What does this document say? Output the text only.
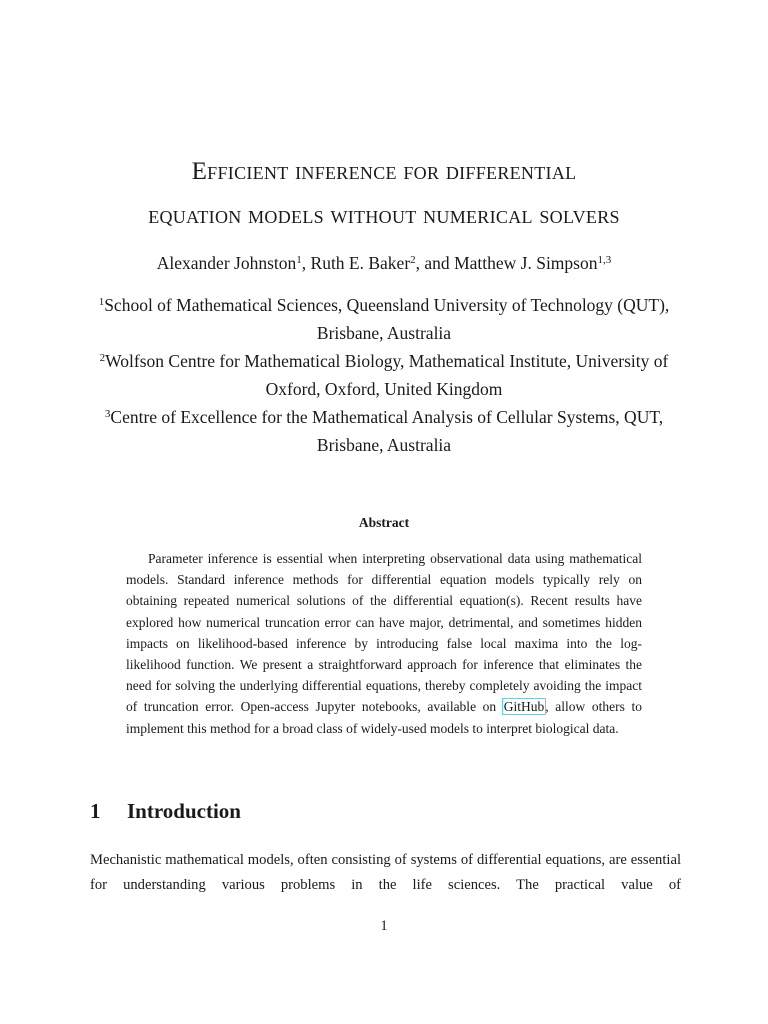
Efficient inference for differential
equation models without numerical solvers
Alexander Johnston$^1$, Ruth E. Baker$^2$, and Matthew J. Simpson$^{1,3}$
$^1$School of Mathematical Sciences, Queensland University of Technology (QUT), Brisbane, Australia
$^2$Wolfson Centre for Mathematical Biology, Mathematical Institute, University of Oxford, Oxford, United Kingdom
$^3$Centre of Excellence for the Mathematical Analysis of Cellular Systems, QUT, Brisbane, Australia
Abstract
Parameter inference is essential when interpreting observational data using mathematical models. Standard inference methods for differential equation models typically rely on obtaining repeated numerical solutions of the differential equation(s). Recent results have explored how numerical truncation error can have major, detrimental, and sometimes hidden impacts on likelihood-based inference by introducing false local maxima into the log-likelihood function. We present a straightforward approach for inference that eliminates the need for solving the underlying differential equations, thereby completely avoiding the impact of truncation error. Open-access Jupyter notebooks, available on GitHub, allow others to implement this method for a broad class of widely-used models to interpret biological data.
1 Introduction
Mechanistic mathematical models, often consisting of systems of differential equations, are essential for understanding various problems in the life sciences. The practical value of
1
